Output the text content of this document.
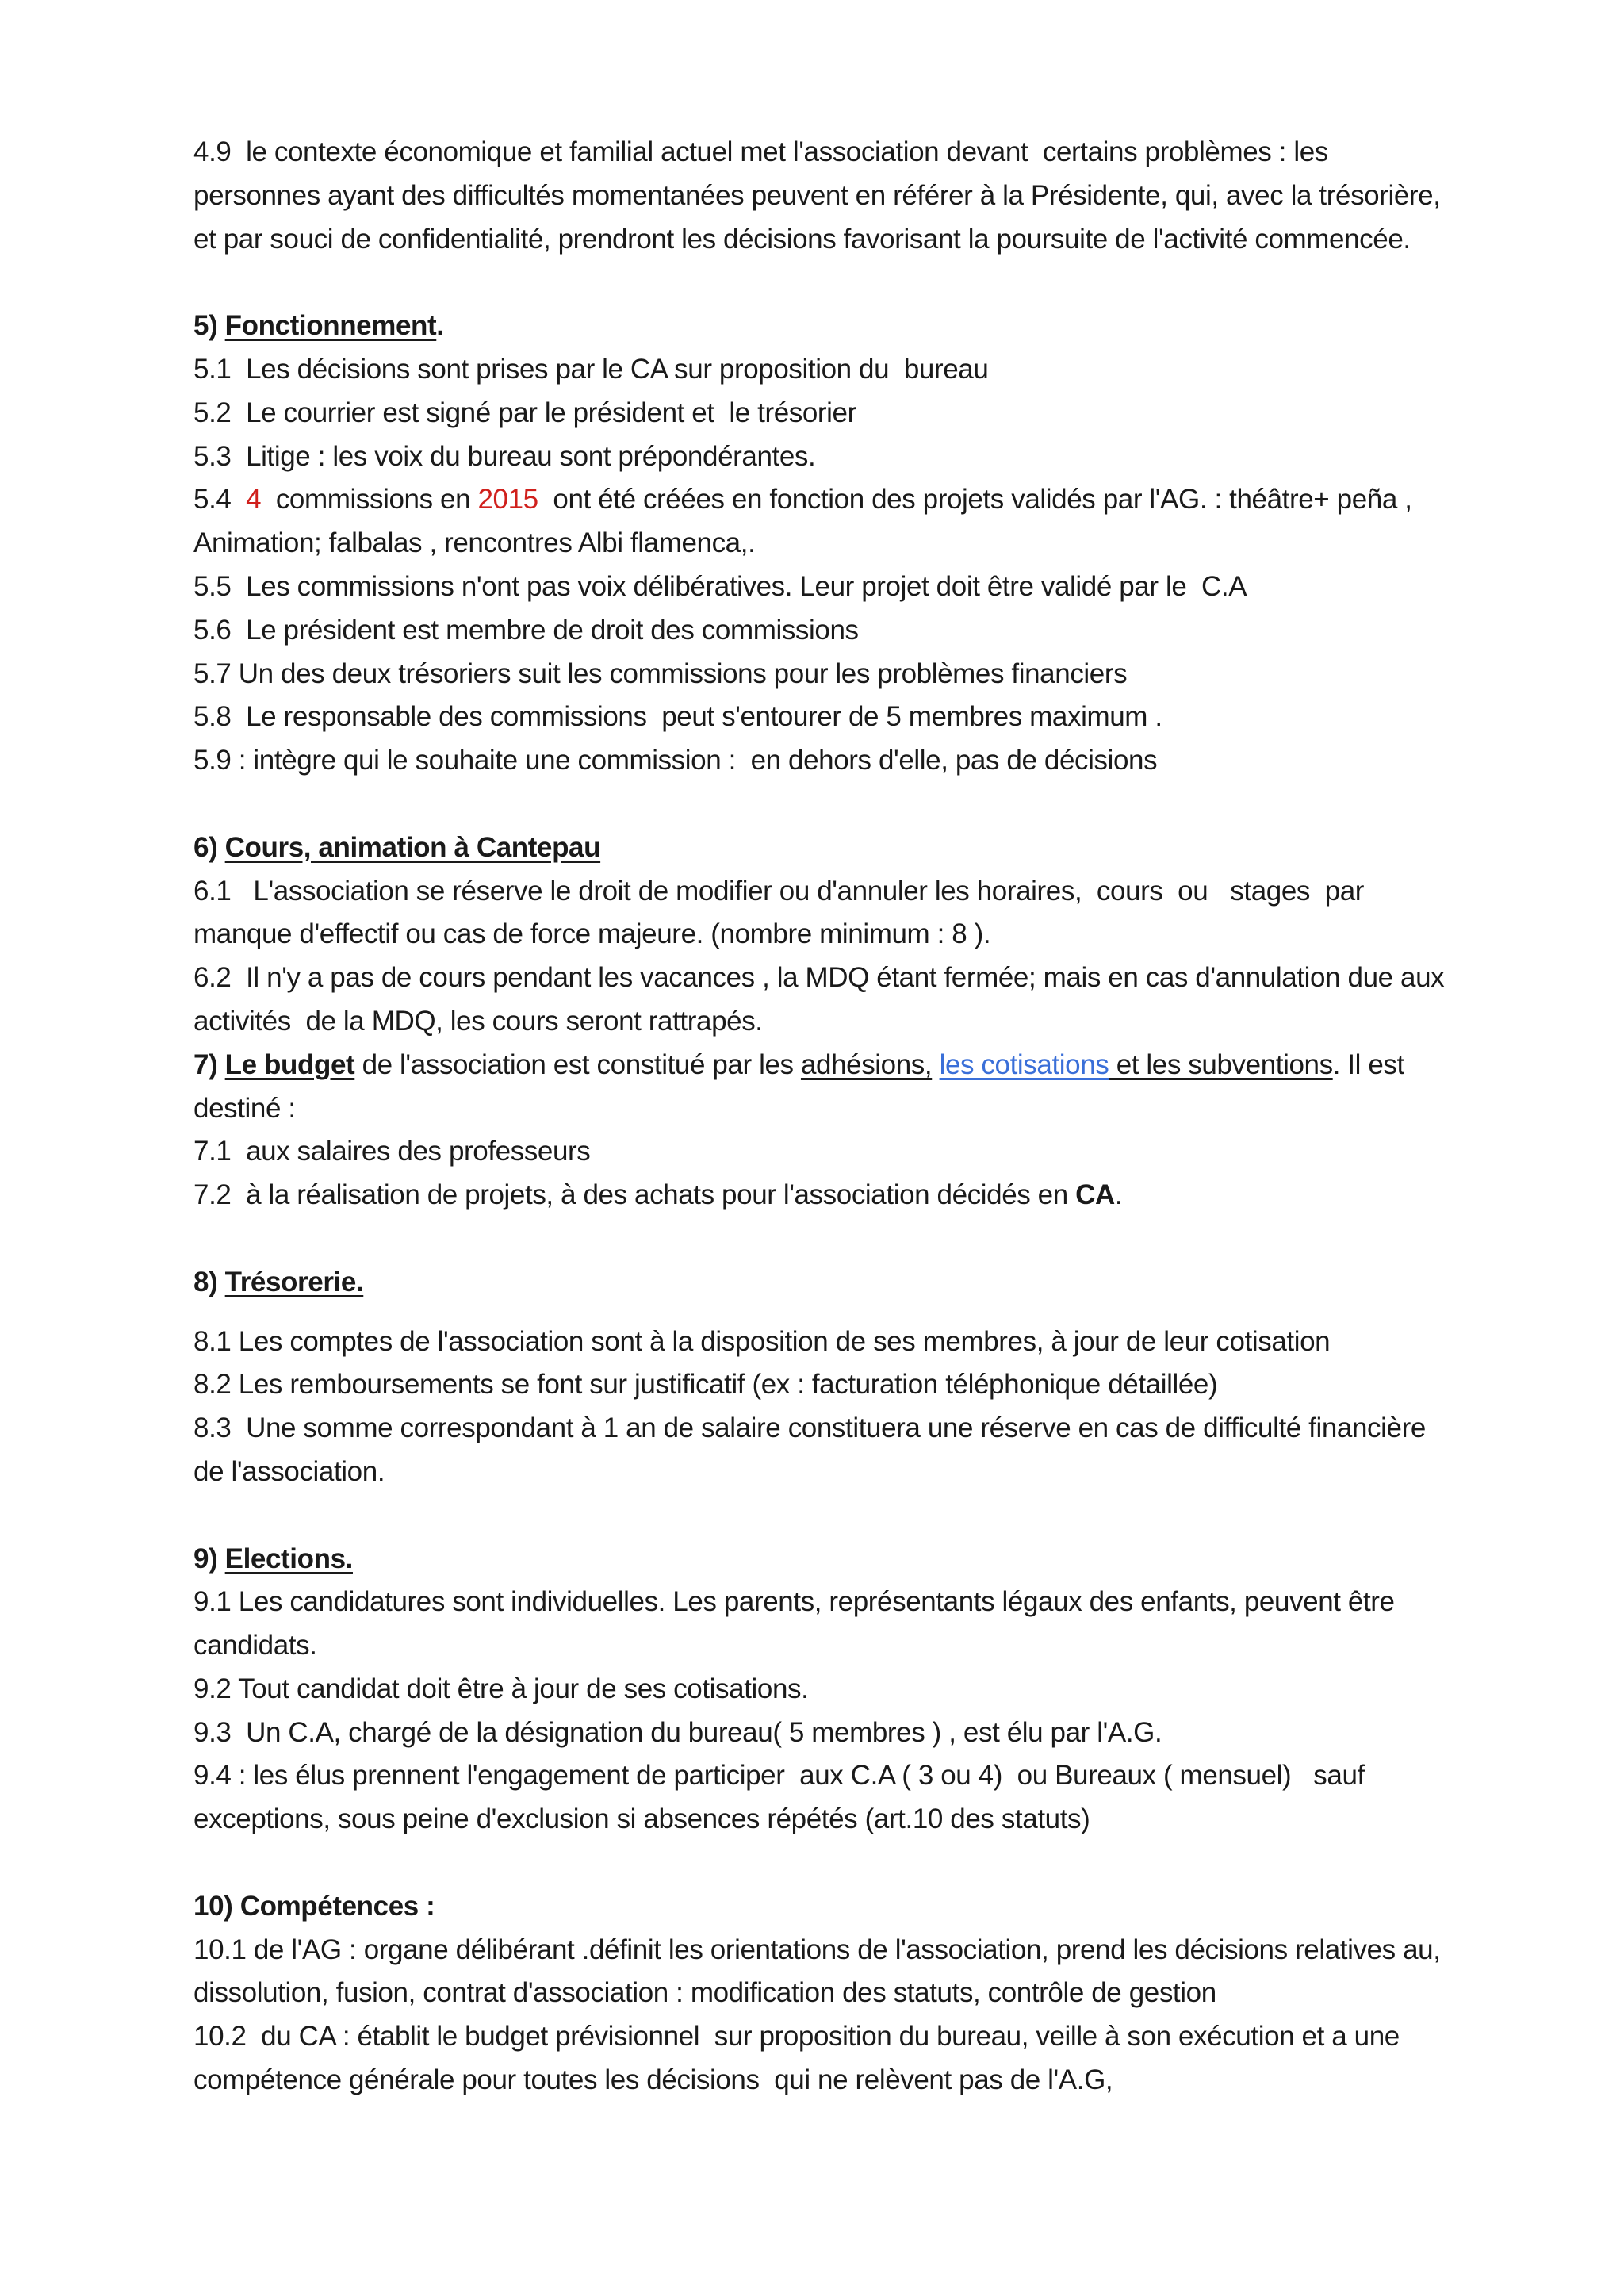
4.9  le contexte économique et familial actuel met l'association devant  certains problèmes : les personnes ayant des difficultés momentanées peuvent en référer à la Présidente, qui, avec la trésorière, et par souci de confidentialité, prendront les décisions favorisant la poursuite de l'activité commencée.

5) Fonctionnement.

5.1  Les décisions sont prises par le CA sur proposition du  bureau

5.2  Le courrier est signé par le président et  le trésorier

5.3  Litige : les voix du bureau sont prépondérantes.

5.4  4  commissions en 2015  ont été créées en fonction des projets validés par l'AG. : théâtre+ peña ,  Animation; falbalas , rencontres Albi flamenca,.

5.5  Les commissions n'ont pas voix délibératives. Leur projet doit être validé par le  C.A

5.6  Le président est membre de droit des commissions

5.7 Un des deux trésoriers suit les commissions pour les problèmes financiers

5.8  Le responsable des commissions  peut s'entourer de 5 membres maximum .

5.9 : intègre qui le souhaite une commission :  en dehors d'elle, pas de décisions

6) Cours, animation à Cantepau

6.1   L'association se réserve le droit de modifier ou d'annuler les horaires,  cours  ou   stages  par manque d'effectif ou cas de force majeure. (nombre minimum : 8 ).

6.2  Il n'y a pas de cours pendant les vacances , la MDQ étant fermée; mais en cas d'annulation due aux activités  de la MDQ, les cours seront rattrapés.

7) Le budget de l'association est constitué par les adhésions, les cotisations et les subventions. Il est destiné :

7.1  aux salaires des professeurs

7.2  à la réalisation de projets, à des achats pour l'association décidés en CA.

8) Trésorerie.

8.1 Les comptes de l'association sont à la disposition de ses membres, à jour de leur cotisation

8.2 Les remboursements se font sur justificatif (ex : facturation téléphonique détaillée)

8.3  Une somme correspondant à 1 an de salaire constituera une réserve en cas de difficulté financière de l'association.

9) Elections.

9.1 Les candidatures sont individuelles. Les parents, représentants légaux des enfants, peuvent être candidats.

9.2 Tout candidat doit être à jour de ses cotisations.

9.3  Un C.A, chargé de la désignation du bureau( 5 membres ) , est élu par l'A.G.

9.4 : les élus prennent l'engagement de participer  aux C.A ( 3 ou 4)  ou Bureaux ( mensuel)   sauf exceptions, sous peine d'exclusion si absences répétés (art.10 des statuts)

10) Compétences :

10.1 de l'AG : organe délibérant .définit les orientations de l'association, prend les décisions relatives au, dissolution, fusion, contrat d'association : modification des statuts, contrôle de gestion

10.2  du CA : établit le budget prévisionnel  sur proposition du bureau, veille à son exécution et a une compétence générale pour toutes les décisions  qui ne relèvent pas de l'A.G,
